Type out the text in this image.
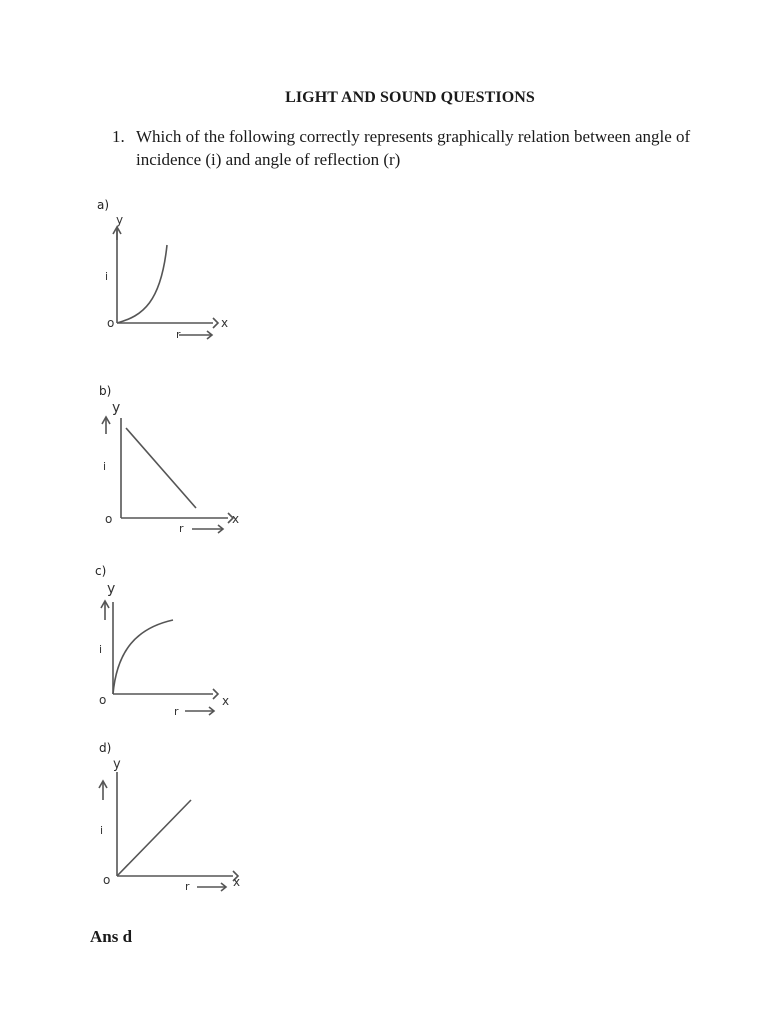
LIGHT AND SOUND QUESTIONS
1. Which of the following correctly represents graphically relation between angle of incidence (i) and angle of reflection (r)
a)
y
x
o
i
r
b)
y
x
o
i
r
c)
y
x
o
i
r
d)
y
x
o
i
r
Ans d
